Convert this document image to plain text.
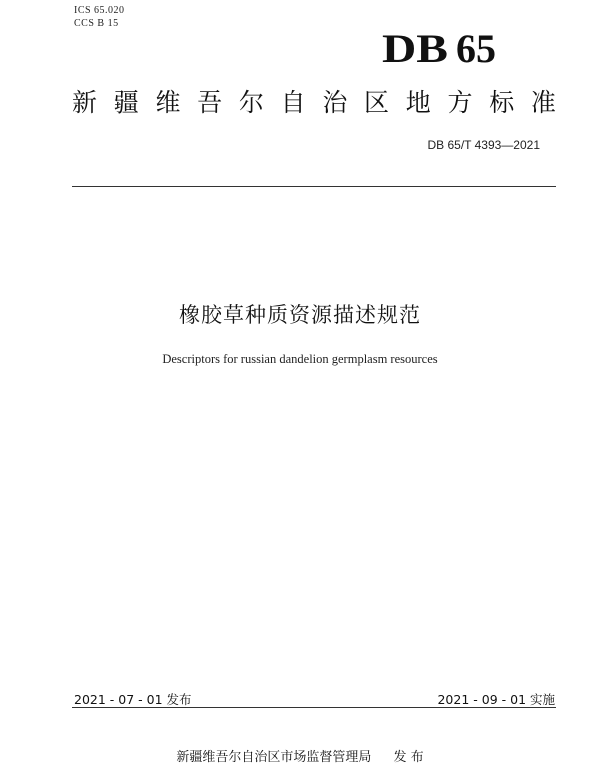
ICS 65.020
CCS B 15
DB 65
新 疆 维 吾 尔 自 治 区 地 方 标 准
DB 65/T 4393—2021
橡胶草种质资源描述规范
Descriptors for russian dandelion germplasm resources
2021 - 07 - 01 发布	2021 - 09 - 01 实施
新疆维吾尔自治区市场监督管理局 发 布
